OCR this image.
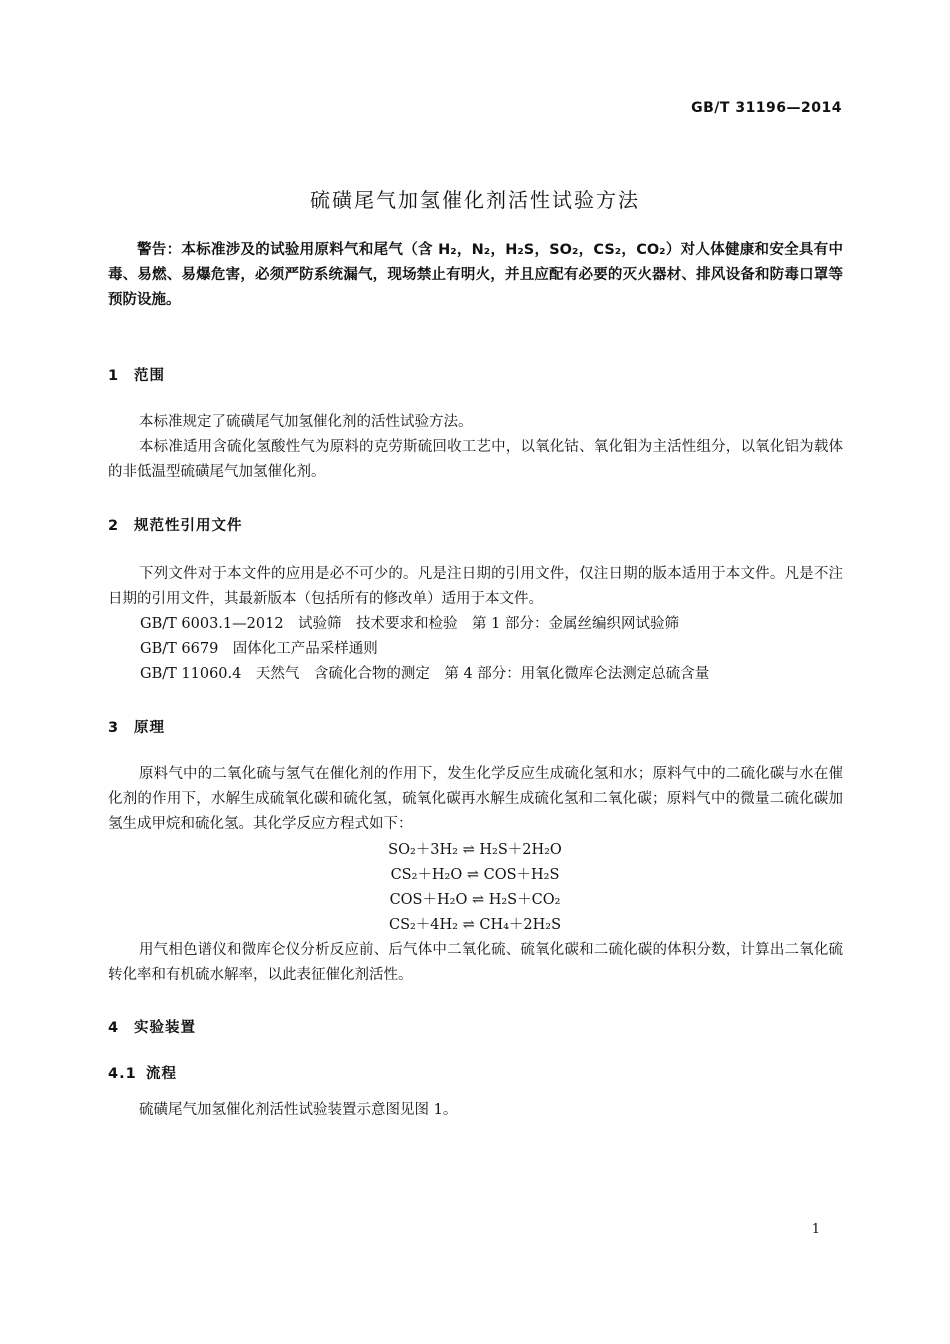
GB/T 31196—2014
硫磺尾气加氢催化剂活性试验方法
警告：本标准涉及的试验用原料气和尾气（含 H₂，N₂，H₂S，SO₂，CS₂，CO₂）对人体健康和安全具有中毒、易燃、易爆危害，必须严防系统漏气，现场禁止有明火，并且应配有必要的灭火器材、排风设备和防毒口罩等预防设施。
1 范围

本标准规定了硫磺尾气加氢催化剂的活性试验方法。

本标准适用含硫化氢酸性气为原料的克劳斯硫回收工艺中，以氧化钴、氧化钼为主活性组分，以氧化铝为载体的非低温型硫磺尾气加氢催化剂。

2 规范性引用文件

下列文件对于本文件的应用是必不可少的。凡是注日期的引用文件，仅注日期的版本适用于本文件。凡是不注日期的引用文件，其最新版本（包括所有的修改单）适用于本文件。

GB/T 6003.1—2012　试验筛　技术要求和检验　第 1 部分：金属丝编织网试验筛
GB/T 6679　固体化工产品采样通则
GB/T 11060.4　天然气　含硫化合物的测定　第 4 部分：用氧化微库仑法测定总硫含量
3 原理

原料气中的二氧化硫与氢气在催化剂的作用下，发生化学反应生成硫化氢和水；原料气中的二硫化碳与水在催化剂的作用下，水解生成硫氧化碳和硫化氢，硫氧化碳再水解生成硫化氢和二氧化碳；原料气中的微量二硫化碳加氢生成甲烷和硫化氢。其化学反应方程式如下：

SO₂＋3H₂ ⇌ H₂S＋2H₂O
CS₂＋H₂O ⇌ COS＋H₂S
COS＋H₂O ⇌ H₂S＋CO₂
CS₂＋4H₂ ⇌ CH₄＋2H₂S

用气相色谱仪和微库仑仪分析反应前、后气体中二氧化硫、硫氧化碳和二硫化碳的体积分数，计算出二氧化硫转化率和有机硫水解率，以此表征催化剂活性。

4 实验装置
4.1 流程

硫磺尾气加氢催化剂活性试验装置示意图见图 1。

1
